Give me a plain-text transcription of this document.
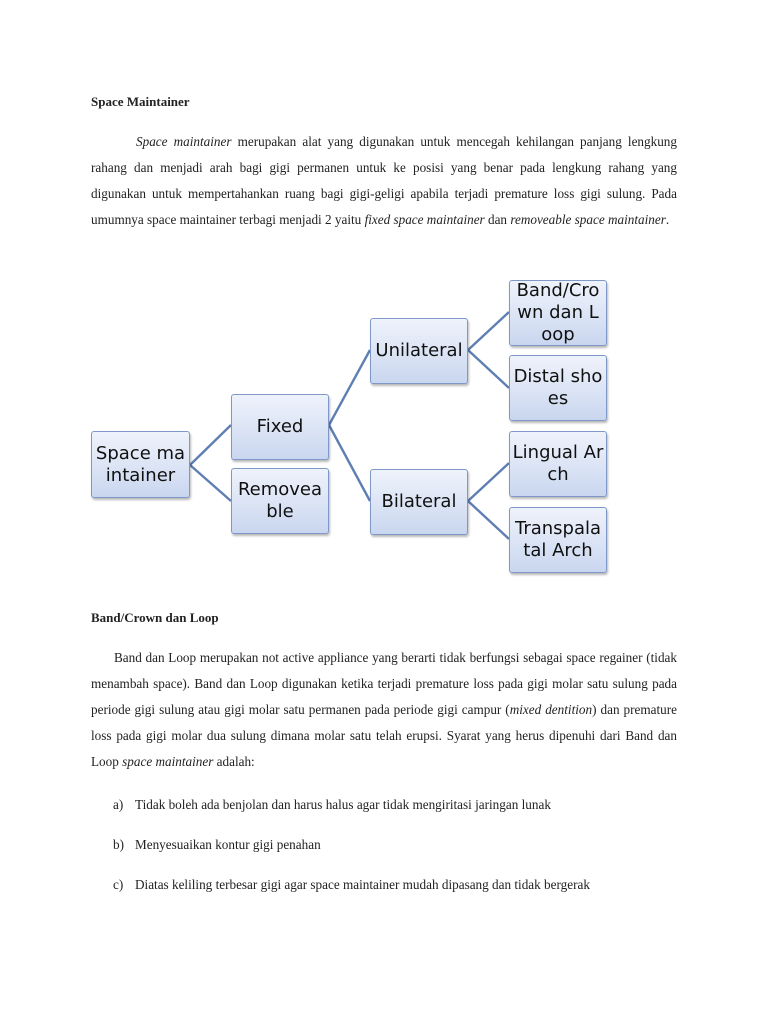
Space Maintainer

Space maintainer merupakan alat yang digunakan untuk mencegah kehilangan panjang lengkung rahang dan menjadi arah bagi gigi permanen untuk ke posisi yang benar pada lengkung rahang yang digunakan untuk mempertahankan ruang bagi gigi-geligi apabila terjadi premature loss gigi sulung. Pada umumnya space maintainer terbagi menjadi 2 yaitu fixed space maintainer dan removeable space maintainer.

Space maintainer
Fixed
Removeable
Unilateral
Bilateral
Band/Crown dan Loop
Distal shoes
Lingual Arch
Transpalatal Arch
Band/Crown dan Loop

Band dan Loop merupakan not active appliance yang berarti tidak berfungsi sebagai space regainer (tidak menambah space). Band dan Loop digunakan ketika terjadi premature loss pada gigi molar satu sulung pada periode gigi sulung atau gigi molar satu permanen pada periode gigi campur (mixed dentition) dan premature loss pada gigi molar dua sulung dimana molar satu telah erupsi. Syarat yang herus dipenuhi dari Band dan Loop space maintainer adalah:

a) Tidak boleh ada benjolan dan harus halus agar tidak mengiritasi jaringan lunak
b) Menyesuaikan kontur gigi penahan
c) Diatas keliling terbesar gigi agar space maintainer mudah dipasang dan tidak bergerak
